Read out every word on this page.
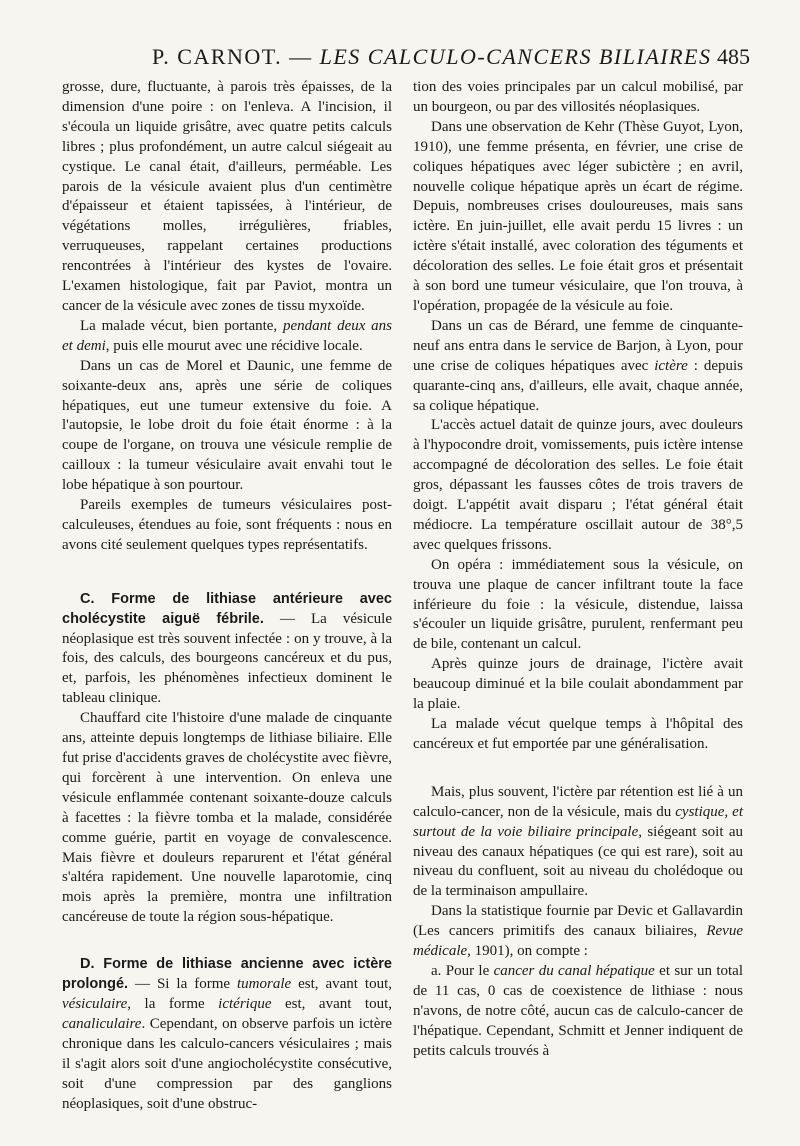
P. CARNOT. — LES CALCULO-CANCERS BILIAIRES 485

grosse, dure, fluctuante, à parois très épaisses, de la dimension d'une poire : on l'enleva. A l'incision, il s'écoula un liquide grisâtre, avec quatre petits calculs libres ; plus profondément, un autre calcul siégeait au cystique. Le canal était, d'ailleurs, perméable. Les parois de la vésicule avaient plus d'un centimètre d'épaisseur et étaient tapissées, à l'intérieur, de végétations molles, irrégulières, friables, verruqueuses, rappelant certaines productions rencontrées à l'intérieur des kystes de l'ovaire. L'examen histologique, fait par Paviot, montra un cancer de la vésicule avec zones de tissu myxoïde.

La malade vécut, bien portante, pendant deux ans et demi, puis elle mourut avec une récidive locale.

Dans un cas de Morel et Daunic, une femme de soixante-deux ans, après une série de coliques hépatiques, eut une tumeur extensive du foie. A l'autopsie, le lobe droit du foie était énorme : à la coupe de l'organe, on trouva une vésicule remplie de cailloux : la tumeur vésiculaire avait envahi tout le lobe hépatique à son pourtour.

Pareils exemples de tumeurs vésiculaires post-calculeuses, étendues au foie, sont fréquents : nous en avons cité seulement quelques types représentatifs.

C. Forme de lithiase antérieure avec cholécystite aiguë fébrile. — La vésicule néoplasique est très souvent infectée : on y trouve, à la fois, des calculs, des bourgeons cancéreux et du pus, et, parfois, les phénomènes infectieux dominent le tableau clinique.

Chauffard cite l'histoire d'une malade de cinquante ans, atteinte depuis longtemps de lithiase biliaire. Elle fut prise d'accidents graves de cholécystite avec fièvre, qui forcèrent à une intervention. On enleva une vésicule enflammée contenant soixante-douze calculs à facettes : la fièvre tomba et la malade, considérée comme guérie, partit en voyage de convalescence. Mais fièvre et douleurs reparurent et l'état général s'altéra rapidement. Une nouvelle laparotomie, cinq mois après la première, montra une infiltration cancéreuse de toute la région sous-hépatique.

D. Forme de lithiase ancienne avec ictère prolongé. — Si la forme tumorale est, avant tout, vésiculaire, la forme ictérique est, avant tout, canaliculaire. Cependant, on observe parfois un ictère chronique dans les calculo-cancers vésiculaires ; mais il s'agit alors soit d'une angiocholécystite consécutive, soit d'une compression par des ganglions néoplasiques, soit d'une obstruc-

tion des voies principales par un calcul mobilisé, par un bourgeon, ou par des villosités néoplasiques.

Dans une observation de Kehr (Thèse Guyot, Lyon, 1910), une femme présenta, en février, une crise de coliques hépatiques avec léger subictère ; en avril, nouvelle colique hépatique après un écart de régime. Depuis, nombreuses crises douloureuses, mais sans ictère. En juin-juillet, elle avait perdu 15 livres : un ictère s'était installé, avec coloration des téguments et décoloration des selles. Le foie était gros et présentait à son bord une tumeur vésiculaire, que l'on trouva, à l'opération, propagée de la vésicule au foie.

Dans un cas de Bérard, une femme de cinquante-neuf ans entra dans le service de Barjon, à Lyon, pour une crise de coliques hépatiques avec ictère : depuis quarante-cinq ans, d'ailleurs, elle avait, chaque année, sa colique hépatique.

L'accès actuel datait de quinze jours, avec douleurs à l'hypocondre droit, vomissements, puis ictère intense accompagné de décoloration des selles. Le foie était gros, dépassant les fausses côtes de trois travers de doigt. L'appétit avait disparu ; l'état général était médiocre. La température oscillait autour de 38°,5 avec quelques frissons.

On opéra : immédiatement sous la vésicule, on trouva une plaque de cancer infiltrant toute la face inférieure du foie : la vésicule, distendue, laissa s'écouler un liquide grisâtre, purulent, renfermant peu de bile, contenant un calcul.

Après quinze jours de drainage, l'ictère avait beaucoup diminué et la bile coulait abondamment par la plaie.

La malade vécut quelque temps à l'hôpital des cancéreux et fut emportée par une généralisation.

Mais, plus souvent, l'ictère par rétention est lié à un calculo-cancer, non de la vésicule, mais du cystique, et surtout de la voie biliaire principale, siégeant soit au niveau des canaux hépatiques (ce qui est rare), soit au niveau du confluent, soit au niveau du cholédoque ou de la terminaison ampullaire.

Dans la statistique fournie par Devic et Gallavardin (Les cancers primitifs des canaux biliaires, Revue médicale, 1901), on compte :

a. Pour le cancer du canal hépatique et sur un total de 11 cas, 0 cas de coexistence de lithiase : nous n'avons, de notre côté, aucun cas de calculo-cancer de l'hépatique. Cependant, Schmitt et Jenner indiquent de petits calculs trouvés à
